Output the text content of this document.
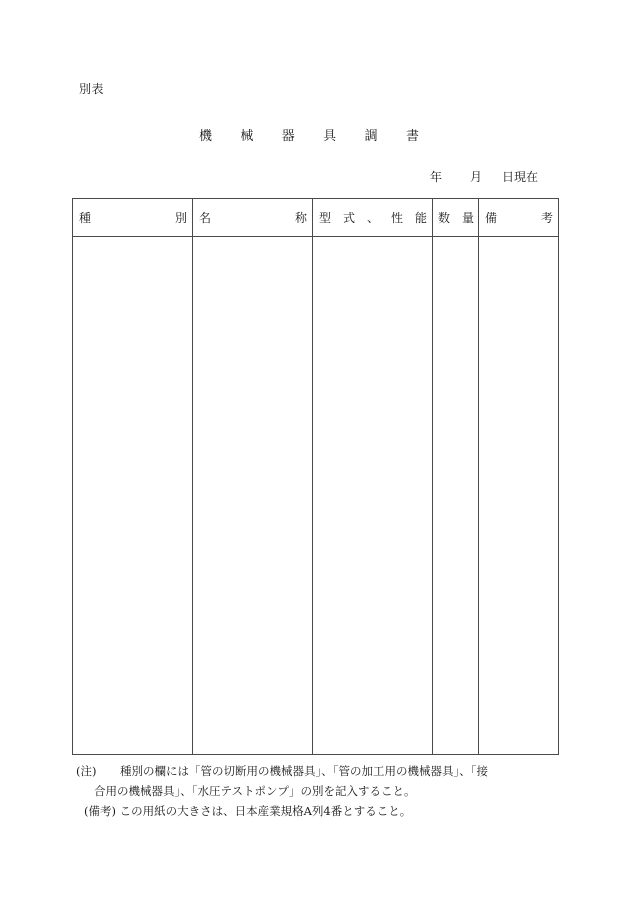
別表
機 械 器 具 調 書
年 月 日現在
種 別	名 称	型 式 、 性 能	数 量	備 考

(注)	種別の欄には「管の切断用の機械器具」、「管の加工用の機械器具」、「接
合用の機械器具」、「水圧テストポンプ」の別を記入すること。
(備考) この用紙の大きさは、日本産業規格A列4番とすること。
